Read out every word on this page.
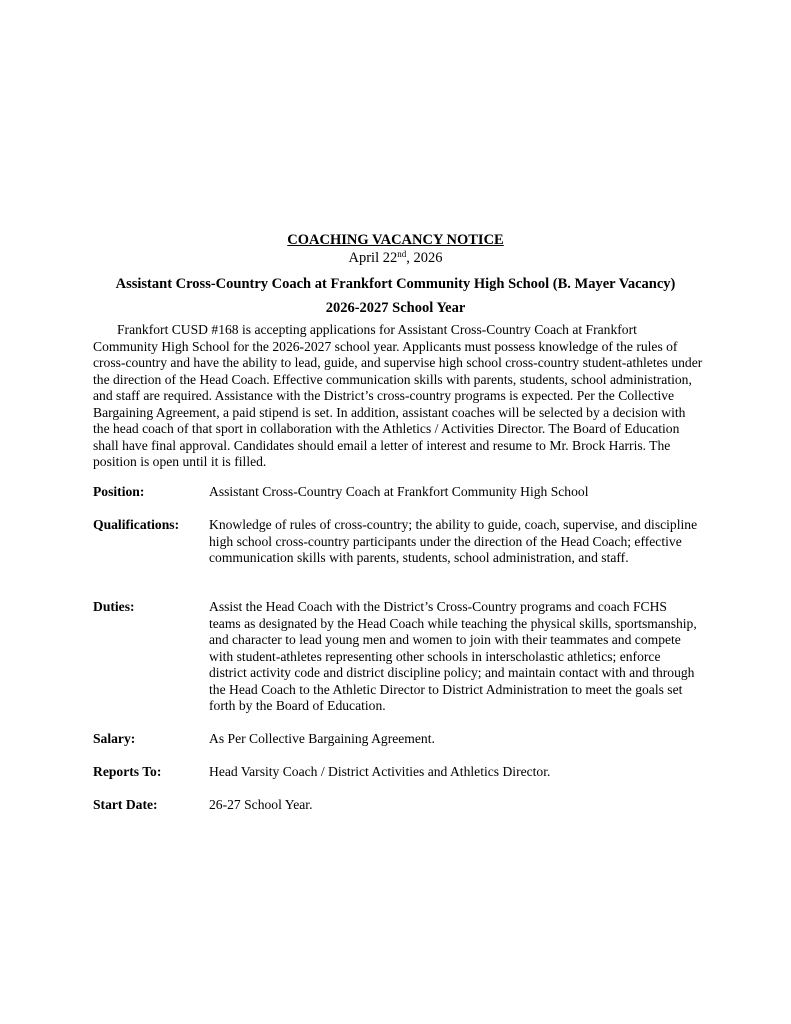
COACHING VACANCY NOTICE
April 22nd, 2026
Assistant Cross-Country Coach at Frankfort Community High School (B. Mayer Vacancy)
2026-2027 School Year
Frankfort CUSD #168 is accepting applications for Assistant Cross-Country Coach at Frankfort Community High School for the 2026-2027 school year. Applicants must possess knowledge of the rules of cross-country and have the ability to lead, guide, and supervise high school cross-country student-athletes under the direction of the Head Coach. Effective communication skills with parents, students, school administration, and staff are required. Assistance with the District’s cross-country programs is expected. Per the Collective Bargaining Agreement, a paid stipend is set. In addition, assistant coaches will be selected by a decision with the head coach of that sport in collaboration with the Athletics / Activities Director. The Board of Education shall have final approval. Candidates should email a letter of interest and resume to Mr. Brock Harris. The position is open until it is filled.
Position:	Assistant Cross-Country Coach at Frankfort Community High School
Qualifications:	Knowledge of rules of cross-country; the ability to guide, coach, supervise, and discipline high school cross-country participants under the direction of the Head Coach; effective communication skills with parents, students, school administration, and staff.
Duties:	Assist the Head Coach with the District’s Cross-Country programs and coach FCHS teams as designated by the Head Coach while teaching the physical skills, sportsmanship, and character to lead young men and women to join with their teammates and compete with student-athletes representing other schools in interscholastic athletics; enforce district activity code and district discipline policy; and maintain contact with and through the Head Coach to the Athletic Director to District Administration to meet the goals set forth by the Board of Education.
Salary:	As Per Collective Bargaining Agreement.
Reports To:	Head Varsity Coach / District Activities and Athletics Director.
Start Date:	26-27 School Year.
